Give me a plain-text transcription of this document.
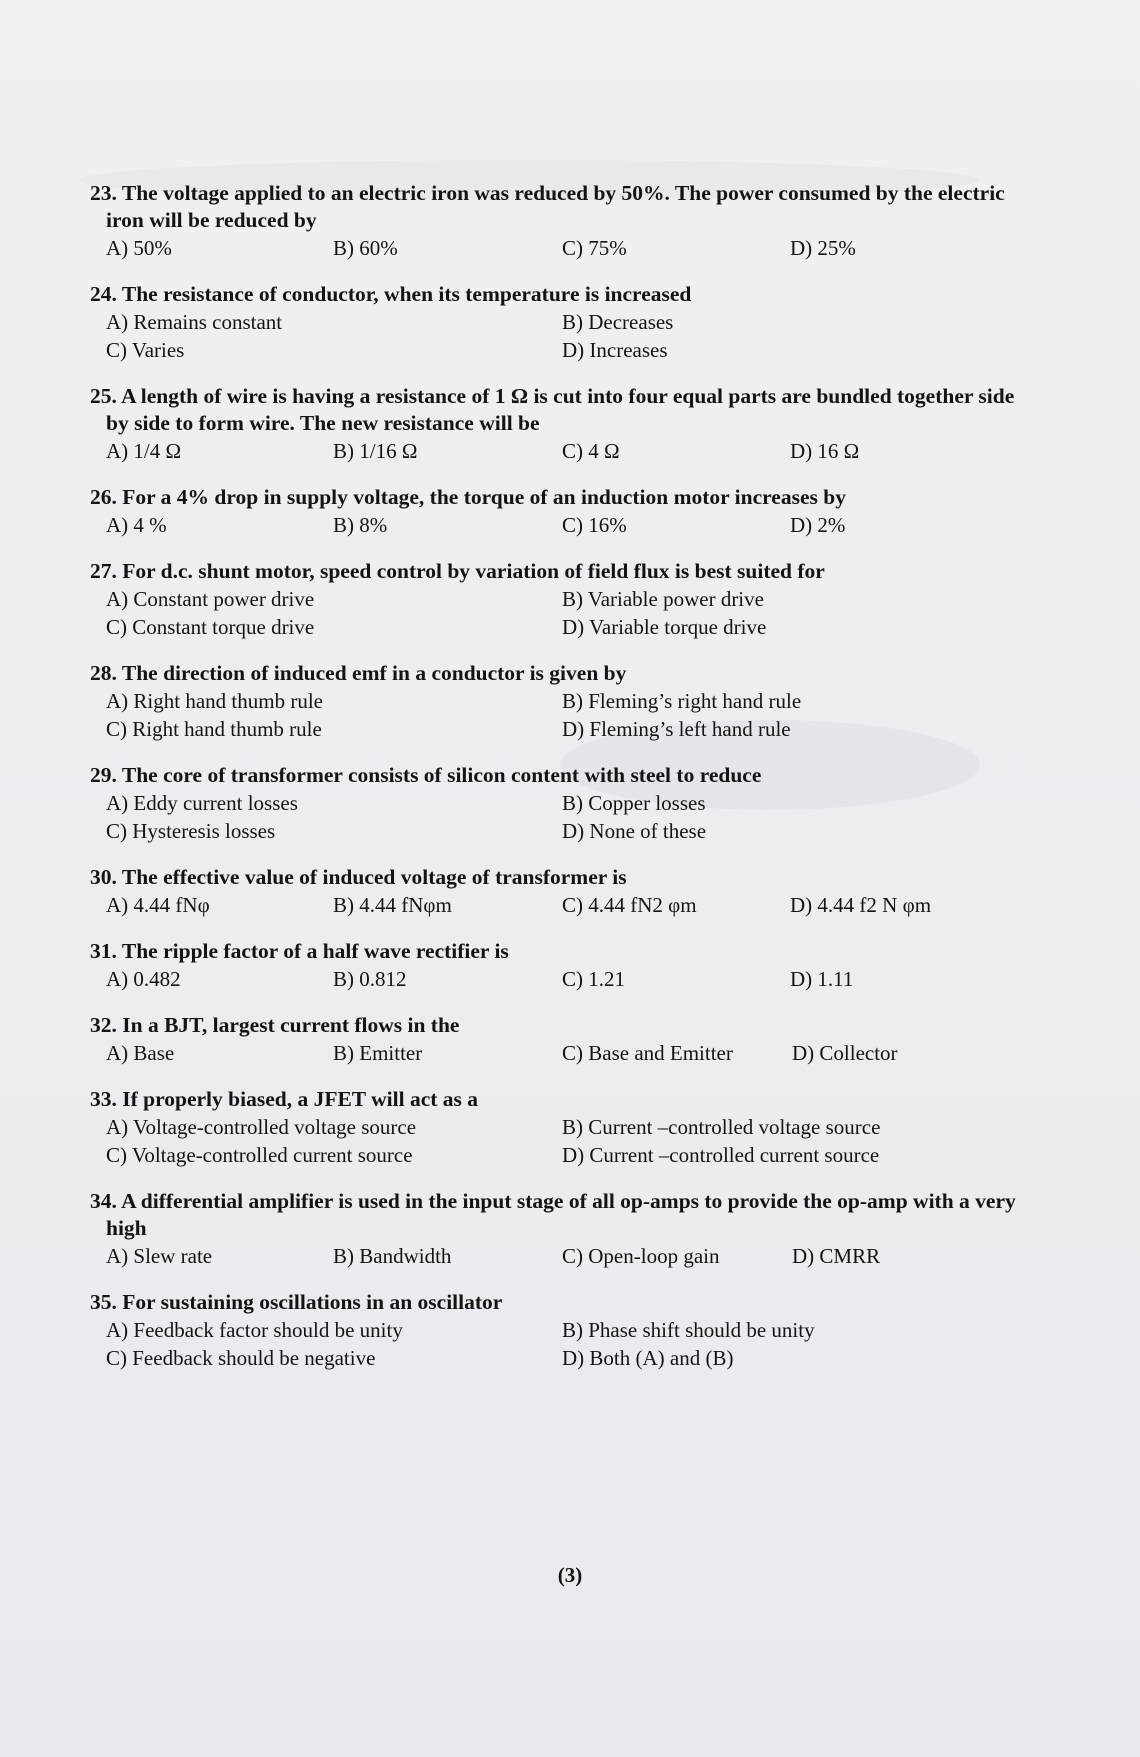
23. The voltage applied to an electric iron was reduced by 50%. The power consumed by the electric iron will be reduced by
A) 50%	B) 60%	C) 75%	D) 25%
24. The resistance of conductor, when its temperature is increased
A) Remains constant	B) Decreases
C) Varies	D) Increases
25. A length of wire is having a resistance of 1 Ω is cut into four equal parts are bundled together side by side to form wire. The new resistance will be
A) 1/4 Ω	B) 1/16 Ω	C) 4 Ω	D) 16 Ω
26. For a 4% drop in supply voltage, the torque of an induction motor increases by
A) 4 %	B) 8%	C) 16%	D) 2%
27. For d.c. shunt motor, speed control by variation of field flux is best suited for
A) Constant power drive	B) Variable power drive
C) Constant torque drive	D) Variable torque drive
28. The direction of induced emf in a conductor is given by
A) Right hand thumb rule	B) Fleming’s right hand rule
C) Right hand thumb rule	D) Fleming’s left hand rule
29. The core of transformer consists of silicon content with steel to reduce
A) Eddy current losses	B) Copper losses
C) Hysteresis losses	D) None of these
30. The effective value of induced voltage of transformer is
A) 4.44 fNφ	B) 4.44 fNφm	C) 4.44 fN2 φm	D) 4.44 f2 N φm
31. The ripple factor of a half wave rectifier is
A) 0.482	B) 0.812	C) 1.21	D) 1.11
32. In a BJT, largest current flows in the
A) Base	B) Emitter	C) Base and Emitter	D) Collector
33. If properly biased, a JFET will act as a
A) Voltage-controlled voltage source	B) Current –controlled voltage source
C) Voltage-controlled current source	D) Current –controlled current source
34. A differential amplifier is used in the input stage of all op-amps to provide the op-amp with a very high
A) Slew rate	B) Bandwidth	C) Open-loop gain	D) CMRR
35. For sustaining oscillations in an oscillator
A) Feedback factor should be unity	B) Phase shift should be unity
C) Feedback should be negative	D) Both (A) and (B)
(3)
